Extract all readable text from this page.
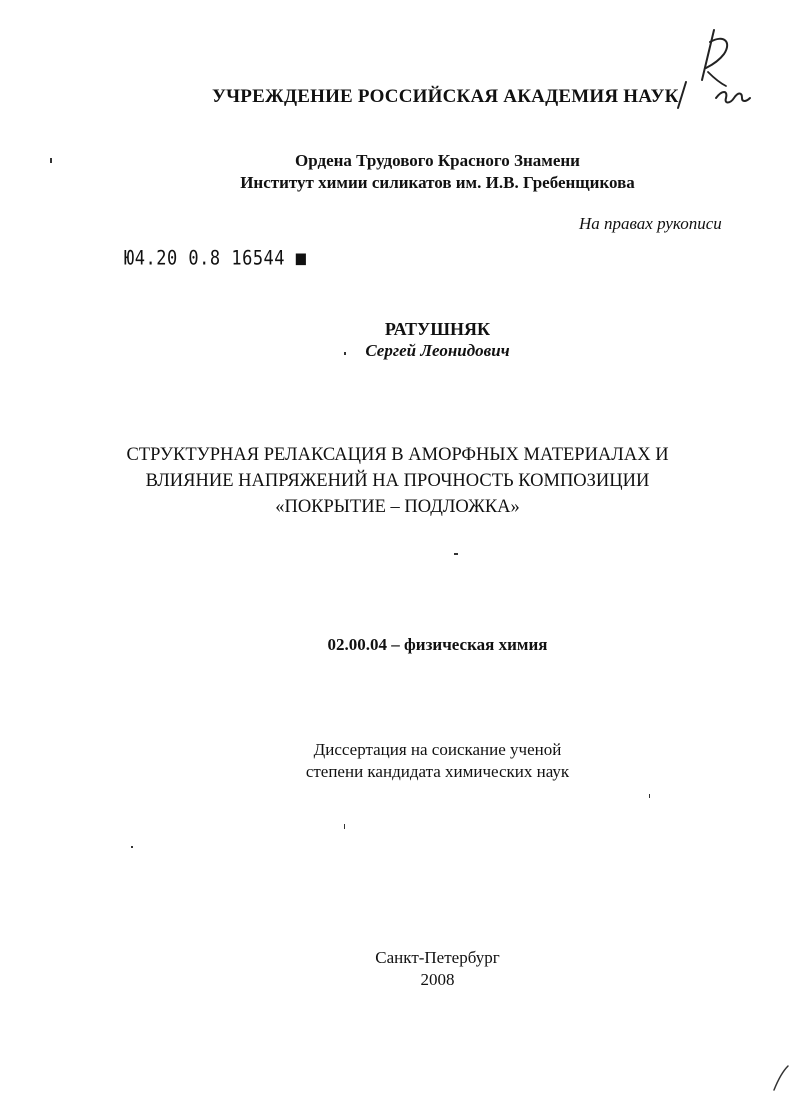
УЧРЕЖДЕНИЕ РОССИЙСКАЯ АКАДЕМИЯ НАУК
Ордена Трудового Красного Знамени
Институт химии силикатов им. И.В. Гребенщикова
На правах рукописи
Ю4.20 0.8 16544 ■
РАТУШНЯК
Сергей Леонидович
СТРУКТУРНАЯ РЕЛАКСАЦИЯ В АМОРФНЫХ МАТЕРИАЛАХ И
ВЛИЯНИЕ НАПРЯЖЕНИЙ НА ПРОЧНОСТЬ КОМПОЗИЦИИ
«ПОКРЫТИЕ – ПОДЛОЖКА»
02.00.04 – физическая химия
Диссертация на соискание ученой
степени кандидата химических наук
Санкт-Петербург
2008
